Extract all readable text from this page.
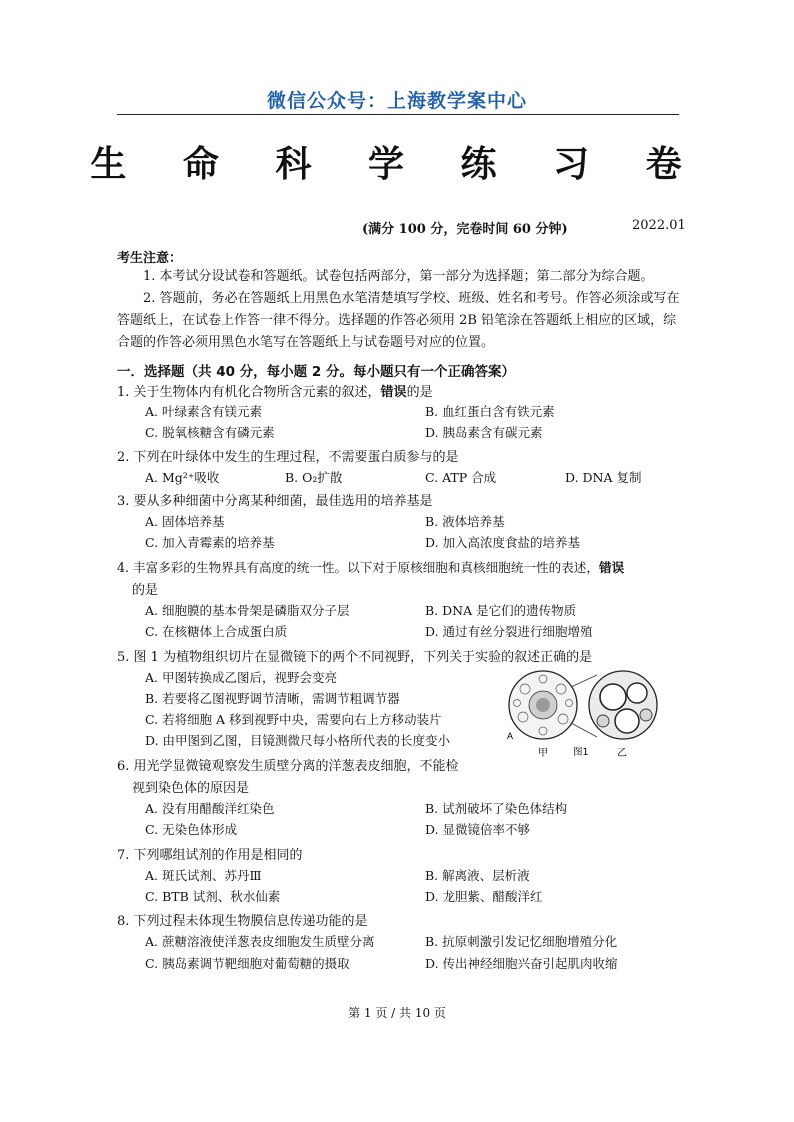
微信公众号：上海教学案中心
生 命 科 学 练 习 卷
(满分 100 分，完卷时间 60 分钟)	2022.01
考生注意：
1. 本考试分设试卷和答题纸。试卷包括两部分，第一部分为选择题；第二部分为综合题。
2. 答题前，务必在答题纸上用黑色水笔清楚填写学校、班级、姓名和考号。作答必须涂或写在答题纸上，在试卷上作答一律不得分。选择题的作答必须用 2B 铅笔涂在答题纸上相应的区域，综合题的作答必须用黑色水笔写在答题纸上与试卷题号对应的位置。
一．选择题（共 40 分，每小题 2 分。每小题只有一个正确答案）
1. 关于生物体内有机化合物所含元素的叙述，错误的是
A. 叶绿素含有镁元素	B. 血红蛋白含有铁元素
C. 脱氧核糖含有磷元素	D. 胰岛素含有碳元素
2. 下列在叶绿体中发生的生理过程，不需要蛋白质参与的是
A. Mg²⁺吸收	B. O₂扩散	C. ATP 合成	D. DNA 复制
3. 要从多种细菌中分离某种细菌，最佳选用的培养基是
A. 固体培养基	B. 液体培养基
C. 加入青霉素的培养基	D. 加入高浓度食盐的培养基
4. 丰富多彩的生物界具有高度的统一性。以下对于原核细胞和真核细胞统一性的表述，错误
的是
A. 细胞膜的基本骨架是磷脂双分子层	B. DNA 是它们的遗传物质
C. 在核糖体上合成蛋白质	D. 通过有丝分裂进行细胞增殖
5. 图 1 为植物组织切片在显微镜下的两个不同视野，下列关于实验的叙述正确的是
A. 甲图转换成乙图后，视野会变亮
B. 若要将乙图视野调节清晰，需调节粗调节器
C. 若将细胞 A 移到视野中央，需要向右上方移动装片
D. 由甲图到乙图，目镜测微尺每小格所代表的长度变小	A
甲	图1	乙
6. 用光学显微镜观察发生质壁分离的洋葱表皮细胞，不能检
视到染色体的原因是
A. 没有用醋酸洋红染色	B. 试剂破坏了染色体结构
C. 无染色体形成	D. 显微镜倍率不够
7. 下列哪组试剂的作用是相同的
A. 斑氏试剂、苏丹Ⅲ	B. 解离液、层析液
C. BTB 试剂、秋水仙素	D. 龙胆紫、醋酸洋红
8. 下列过程未体现生物膜信息传递功能的是
A. 蔗糖溶液使洋葱表皮细胞发生质壁分离	B. 抗原刺激引发记忆细胞增殖分化
C. 胰岛素调节靶细胞对葡萄糖的摄取	D. 传出神经细胞兴奋引起肌肉收缩
第 1 页 / 共 10 页
